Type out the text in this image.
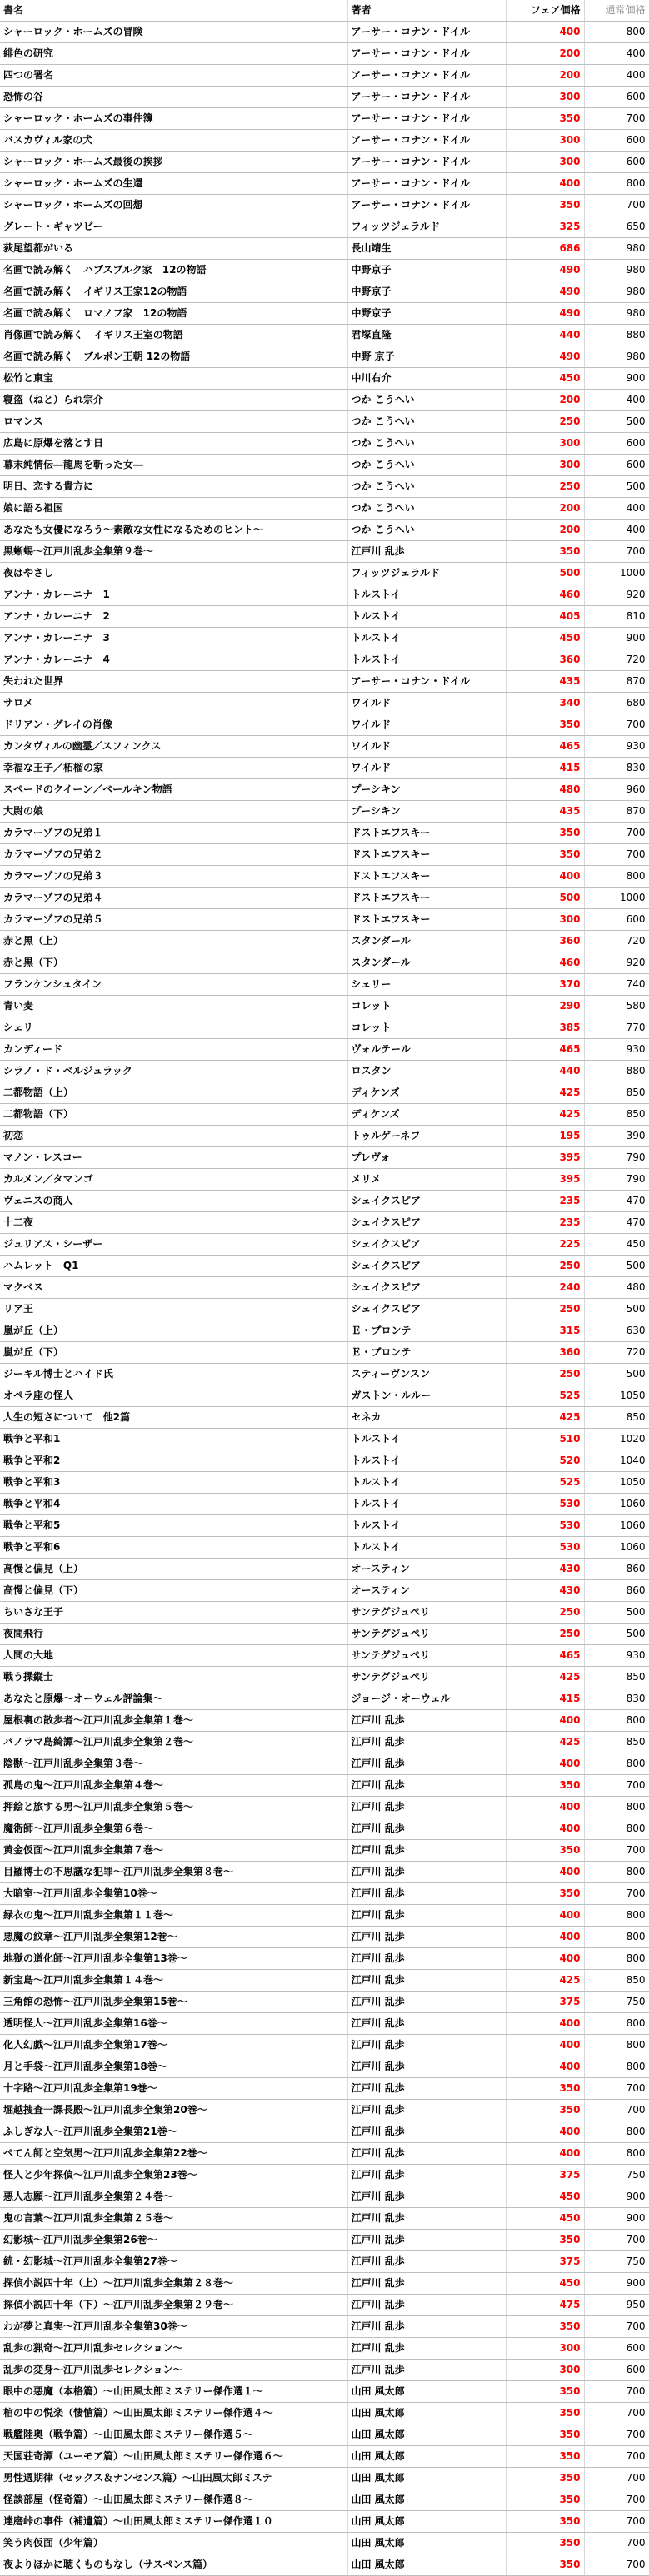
書名	著者	フェア価格	通常価格
シャーロック・ホームズの冒険	アーサー・コナン・ドイル	400	800
緋色の研究	アーサー・コナン・ドイル	200	400
四つの署名	アーサー・コナン・ドイル	200	400
恐怖の谷	アーサー・コナン・ドイル	300	600
シャーロック・ホームズの事件簿	アーサー・コナン・ドイル	350	700
バスカヴィル家の犬	アーサー・コナン・ドイル	300	600
シャーロック・ホームズ最後の挨拶	アーサー・コナン・ドイル	300	600
シャーロック・ホームズの生還	アーサー・コナン・ドイル	400	800
シャーロック・ホームズの回想	アーサー・コナン・ドイル	350	700
グレート・ギャツビー	フィッツジェラルド	325	650
荻尾望都がいる	長山靖生	686	980
名画で読み解く　ハプスブルク家　12の物語	中野京子	490	980
名画で読み解く　イギリス王家12の物語	中野京子	490	980
名画で読み解く　ロマノフ家　12の物語	中野京子	490	980
肖像画で読み解く　イギリス王室の物語	君塚直隆	440	880
名画で読み解く　ブルボン王朝 12の物語	中野 京子	490	980
松竹と東宝	中川右介	450	900
寝盗（ねと）られ宗介	つか こうへい	200	400
ロマンス	つか こうへい	250	500
広島に原爆を落とす日	つか こうへい	300	600
幕末純情伝―龍馬を斬った女―	つか こうへい	300	600
明日、恋する貴方に	つか こうへい	250	500
娘に語る祖国	つか こうへい	200	400
あなたも女優になろう～素敵な女性になるためのヒント～	つか こうへい	200	400
黒蜥蜴～江戸川乱歩全集第９巻～	江戸川 乱歩	350	700
夜はやさし	フィッツジェラルド	500	1000
アンナ・カレーニナ　1	トルストイ	460	920
アンナ・カレーニナ　2	トルストイ	405	810
アンナ・カレーニナ　3	トルストイ	450	900
アンナ・カレーニナ　4	トルストイ	360	720
失われた世界	アーサー・コナン・ドイル	435	870
サロメ	ワイルド	340	680
ドリアン・グレイの肖像	ワイルド	350	700
カンタヴィルの幽霊／スフィンクス	ワイルド	465	930
幸福な王子／柘榴の家	ワイルド	415	830
スペードのクイーン／ベールキン物語	プーシキン	480	960
大尉の娘	プーシキン	435	870
カラマーゾフの兄弟１	ドストエフスキー	350	700
カラマーゾフの兄弟２	ドストエフスキー	350	700
カラマーゾフの兄弟３	ドストエフスキー	400	800
カラマーゾフの兄弟４	ドストエフスキー	500	1000
カラマーゾフの兄弟５	ドストエフスキー	300	600
赤と黒（上）	スタンダール	360	720
赤と黒（下）	スタンダール	460	920
フランケンシュタイン	シェリー	370	740
青い麦	コレット	290	580
シェリ	コレット	385	770
カンディード	ヴォルテール	465	930
シラノ・ド・ベルジュラック	ロスタン	440	880
二都物語（上）	ディケンズ	425	850
二都物語（下）	ディケンズ	425	850
初恋	トゥルゲーネフ	195	390
マノン・レスコー	プレヴォ	395	790
カルメン／タマンゴ	メリメ	395	790
ヴェニスの商人	シェイクスピア	235	470
十二夜	シェイクスピア	235	470
ジュリアス・シーザー	シェイクスピア	225	450
ハムレット　Q1	シェイクスピア	250	500
マクベス	シェイクスピア	240	480
リア王	シェイクスピア	250	500
嵐が丘（上）	Ｅ・ブロンテ	315	630
嵐が丘（下）	Ｅ・ブロンテ	360	720
ジーキル博士とハイド氏	スティーヴンスン	250	500
オペラ座の怪人	ガストン・ルルー	525	1050
人生の短さについて　他2篇	セネカ	425	850
戦争と平和1	トルストイ	510	1020
戦争と平和2	トルストイ	520	1040
戦争と平和3	トルストイ	525	1050
戦争と平和4	トルストイ	530	1060
戦争と平和5	トルストイ	530	1060
戦争と平和6	トルストイ	530	1060
高慢と偏見（上）	オースティン	430	860
高慢と偏見（下）	オースティン	430	860
ちいさな王子	サンテグジュペリ	250	500
夜間飛行	サンテグジュペリ	250	500
人間の大地	サンテグジュペリ	465	930
戦う操縦士	サンテグジュペリ	425	850
あなたと原爆～オーウェル評論集～	ジョージ・オーウェル	415	830
屋根裏の散歩者～江戸川乱歩全集第１巻～	江戸川 乱歩	400	800
パノラマ島綺譚～江戸川乱歩全集第２巻～	江戸川 乱歩	425	850
陰獣～江戸川乱歩全集第３巻～	江戸川 乱歩	400	800
孤島の鬼～江戸川乱歩全集第４巻～	江戸川 乱歩	350	700
押絵と旅する男～江戸川乱歩全集第５巻～	江戸川 乱歩	400	800
魔術師～江戸川乱歩全集第６巻～	江戸川 乱歩	400	800
黄金仮面～江戸川乱歩全集第７巻～	江戸川 乱歩	350	700
目羅博士の不思議な犯罪～江戸川乱歩全集第８巻～	江戸川 乱歩	400	800
大暗室～江戸川乱歩全集第10巻～	江戸川 乱歩	350	700
緑衣の鬼～江戸川乱歩全集第１１巻～	江戸川 乱歩	400	800
悪魔の紋章～江戸川乱歩全集第12巻～	江戸川 乱歩	400	800
地獄の道化師～江戸川乱歩全集第13巻～	江戸川 乱歩	400	800
新宝島～江戸川乱歩全集第１４巻～	江戸川 乱歩	425	850
三角館の恐怖～江戸川乱歩全集第15巻～	江戸川 乱歩	375	750
透明怪人～江戸川乱歩全集第16巻～	江戸川 乱歩	400	800
化人幻戯～江戸川乱歩全集第17巻～	江戸川 乱歩	400	800
月と手袋～江戸川乱歩全集第18巻～	江戸川 乱歩	400	800
十字路～江戸川乱歩全集第19巻～	江戸川 乱歩	350	700
堀越捜査一課長殿～江戸川乱歩全集第20巻～	江戸川 乱歩	350	700
ふしぎな人～江戸川乱歩全集第21巻～	江戸川 乱歩	400	800
ぺてん師と空気男～江戸川乱歩全集第22巻～	江戸川 乱歩	400	800
怪人と少年探偵～江戸川乱歩全集第23巻～	江戸川 乱歩	375	750
悪人志願～江戸川乱歩全集第２４巻～	江戸川 乱歩	450	900
鬼の言葉～江戸川乱歩全集第２５巻～	江戸川 乱歩	450	900
幻影城～江戸川乱歩全集第26巻～	江戸川 乱歩	350	700
続・幻影城～江戸川乱歩全集第27巻～	江戸川 乱歩	375	750
探偵小説四十年（上）～江戸川乱歩全集第２８巻～	江戸川 乱歩	450	900
探偵小説四十年（下）～江戸川乱歩全集第２９巻～	江戸川 乱歩	475	950
わが夢と真実～江戸川乱歩全集第30巻～	江戸川 乱歩	350	700
乱歩の猟奇～江戸川乱歩セレクション～	江戸川 乱歩	300	600
乱歩の変身～江戸川乱歩セレクション～	江戸川 乱歩	300	600
眼中の悪魔（本格篇）～山田風太郎ミステリー傑作選１～	山田 風太郎	350	700
棺の中の悦楽（悽愴篇）～山田風太郎ミステリー傑作選４～	山田 風太郎	350	700
戦艦陸奥（戦争篇）～山田風太郎ミステリー傑作選５～	山田 風太郎	350	700
天国荘奇譚（ユーモア篇）～山田風太郎ミステリー傑作選６～	山田 風太郎	350	700
男性週期律（セックス＆ナンセンス篇）～山田風太郎ミステ	山田 風太郎	350	700
怪談部屋（怪奇篇）～山田風太郎ミステリー傑作選８～	山田 風太郎	350	700
達磨峠の事件（補遺篇）～山田風太郎ミステリー傑作選１０	山田 風太郎	350	700
笑う肉仮面（少年篇）	山田 風太郎	350	700
夜よりほかに聴くものもなし（サスペンス篇）	山田 風太郎	350	700
